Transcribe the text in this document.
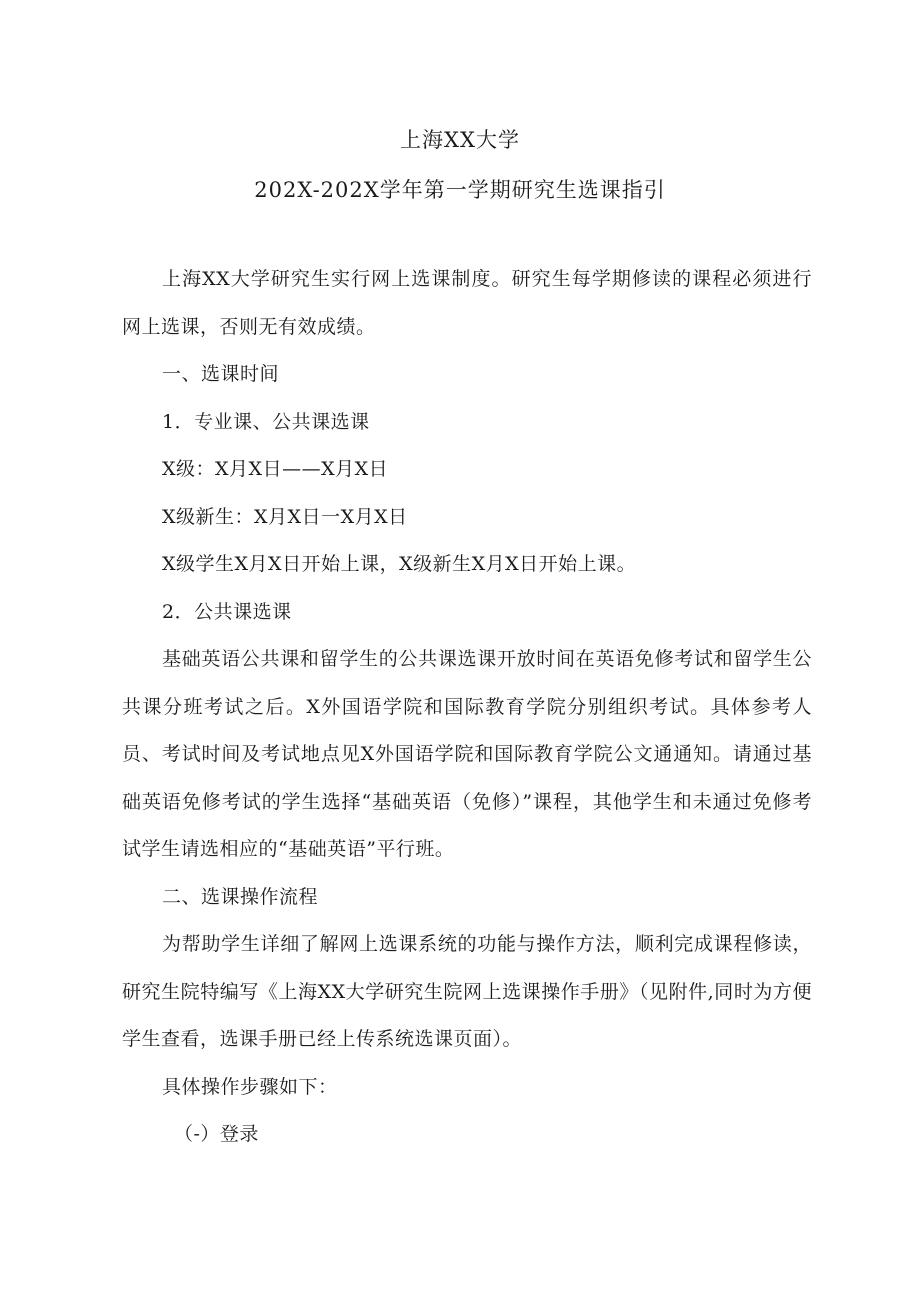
上海XX大学
202X-202X学年第一学期研究生选课指引

上海XX大学研究生实行网上选课制度。研究生每学期修读的课程必须进行网上选课，否则无有效成绩。

一、选课时间

1．专业课、公共课选课

X级：X月X日——X月X日

X级新生：X月X日一X月X日

X级学生X月X日开始上课，X级新生X月X日开始上课。

2．公共课选课

基础英语公共课和留学生的公共课选课开放时间在英语免修考试和留学生公共课分班考试之后。X外国语学院和国际教育学院分别组织考试。具体参考人员、考试时间及考试地点见X外国语学院和国际教育学院公文通通知。请通过基础英语免修考试的学生选择“基础英语（免修）”课程，其他学生和未通过免修考试学生请选相应的“基础英语”平行班。

二、选课操作流程

为帮助学生详细了解网上选课系统的功能与操作方法，顺利完成课程修读，研究生院特编写《上海XX大学研究生院网上选课操作手册》（见附件,同时为方便学生查看，选课手册已经上传系统选课页面）。

具体操作步骤如下：

（-）登录
